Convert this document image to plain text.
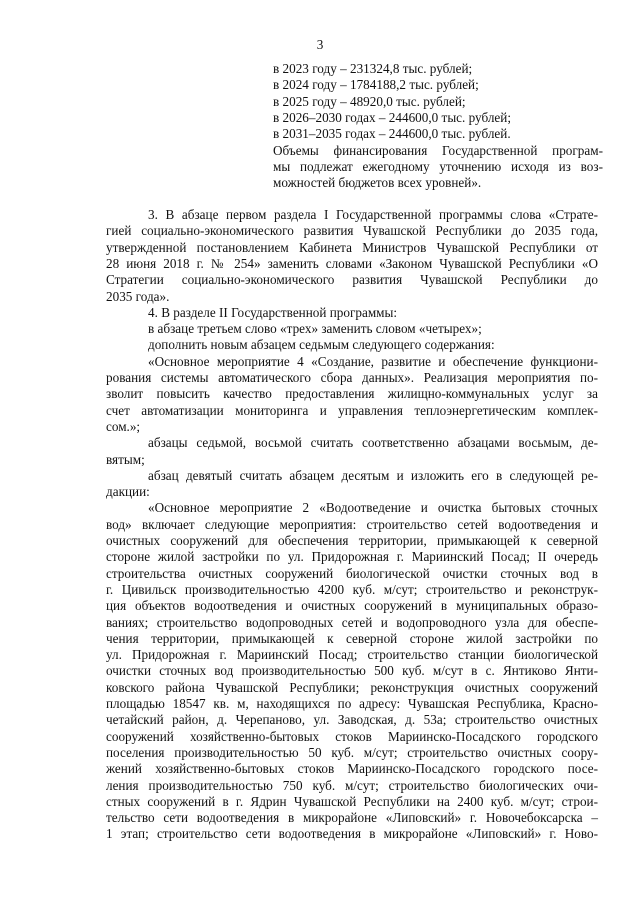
3
в 2023 году – 231324,8 тыс. рублей;
в 2024 году – 1784188,2 тыс. рублей;
в 2025 году – 48920,0 тыс. рублей;
в 2026–2030 годах – 244600,0 тыс. рублей;
в 2031–2035 годах – 244600,0 тыс. рублей.
Объемы финансирования Государственной програм-
мы подлежат ежегодному уточнению исходя из воз-
можностей бюджетов всех уровней».
3. В абзаце первом раздела I Государственной программы слова «Страте-
гией социально-экономического развития Чувашской Республики до 2035 года,
утвержденной постановлением Кабинета Министров Чувашской Республики от
28 июня 2018 г. № 254» заменить словами «Законом Чувашской Республики «О
Стратегии социально-экономического развития Чувашской Республики до
2035 года».
4. В разделе II Государственной программы:
в абзаце третьем слово «трех» заменить словом «четырех»;
дополнить новым абзацем седьмым следующего содержания:
«Основное мероприятие 4 «Создание, развитие и обеспечение функциони-
рования системы автоматического сбора данных». Реализация мероприятия по-
зволит повысить качество предоставления жилищно-коммунальных услуг за
счет автоматизации мониторинга и управления теплоэнергетическим комплек-
сом.»;
абзацы седьмой, восьмой считать соответственно абзацами восьмым, де-
вятым;
абзац девятый считать абзацем десятым и изложить его в следующей ре-
дакции:
«Основное мероприятие 2 «Водоотведение и очистка бытовых сточных
вод» включает следующие мероприятия: строительство сетей водоотведения и
очистных сооружений для обеспечения территории, примыкающей к северной
стороне жилой застройки по ул. Придорожная г. Мариинский Посад; II очередь
строительства очистных сооружений биологической очистки сточных вод в
г. Цивильск производительностью 4200 куб. м/сут; строительство и реконструк-
ция объектов водоотведения и очистных сооружений в муниципальных образо-
ваниях; строительство водопроводных сетей и водопроводного узла для обеспе-
чения территории, примыкающей к северной стороне жилой застройки по
ул. Придорожная г. Мариинский Посад; строительство станции биологической
очистки сточных вод производительностью 500 куб. м/сут в с. Янтиково Янти-
ковского района Чувашской Республики; реконструкция очистных сооружений
площадью 18547 кв. м, находящихся по адресу: Чувашская Республика, Красно-
четайский район, д. Черепаново, ул. Заводская, д. 53а; строительство очистных
сооружений хозяйственно-бытовых стоков Мариинско-Посадского городского
поселения производительностью 50 куб. м/сут; строительство очистных соору-
жений хозяйственно-бытовых стоков Мариинско-Посадского городского посе-
ления производительностью 750 куб. м/сут; строительство биологических очи-
стных сооружений в г. Ядрин Чувашской Республики на 2400 куб. м/сут; строи-
тельство сети водоотведения в микрорайоне «Липовский» г. Новочебоксарска –
1 этап; строительство сети водоотведения в микрорайоне «Липовский» г. Ново-
